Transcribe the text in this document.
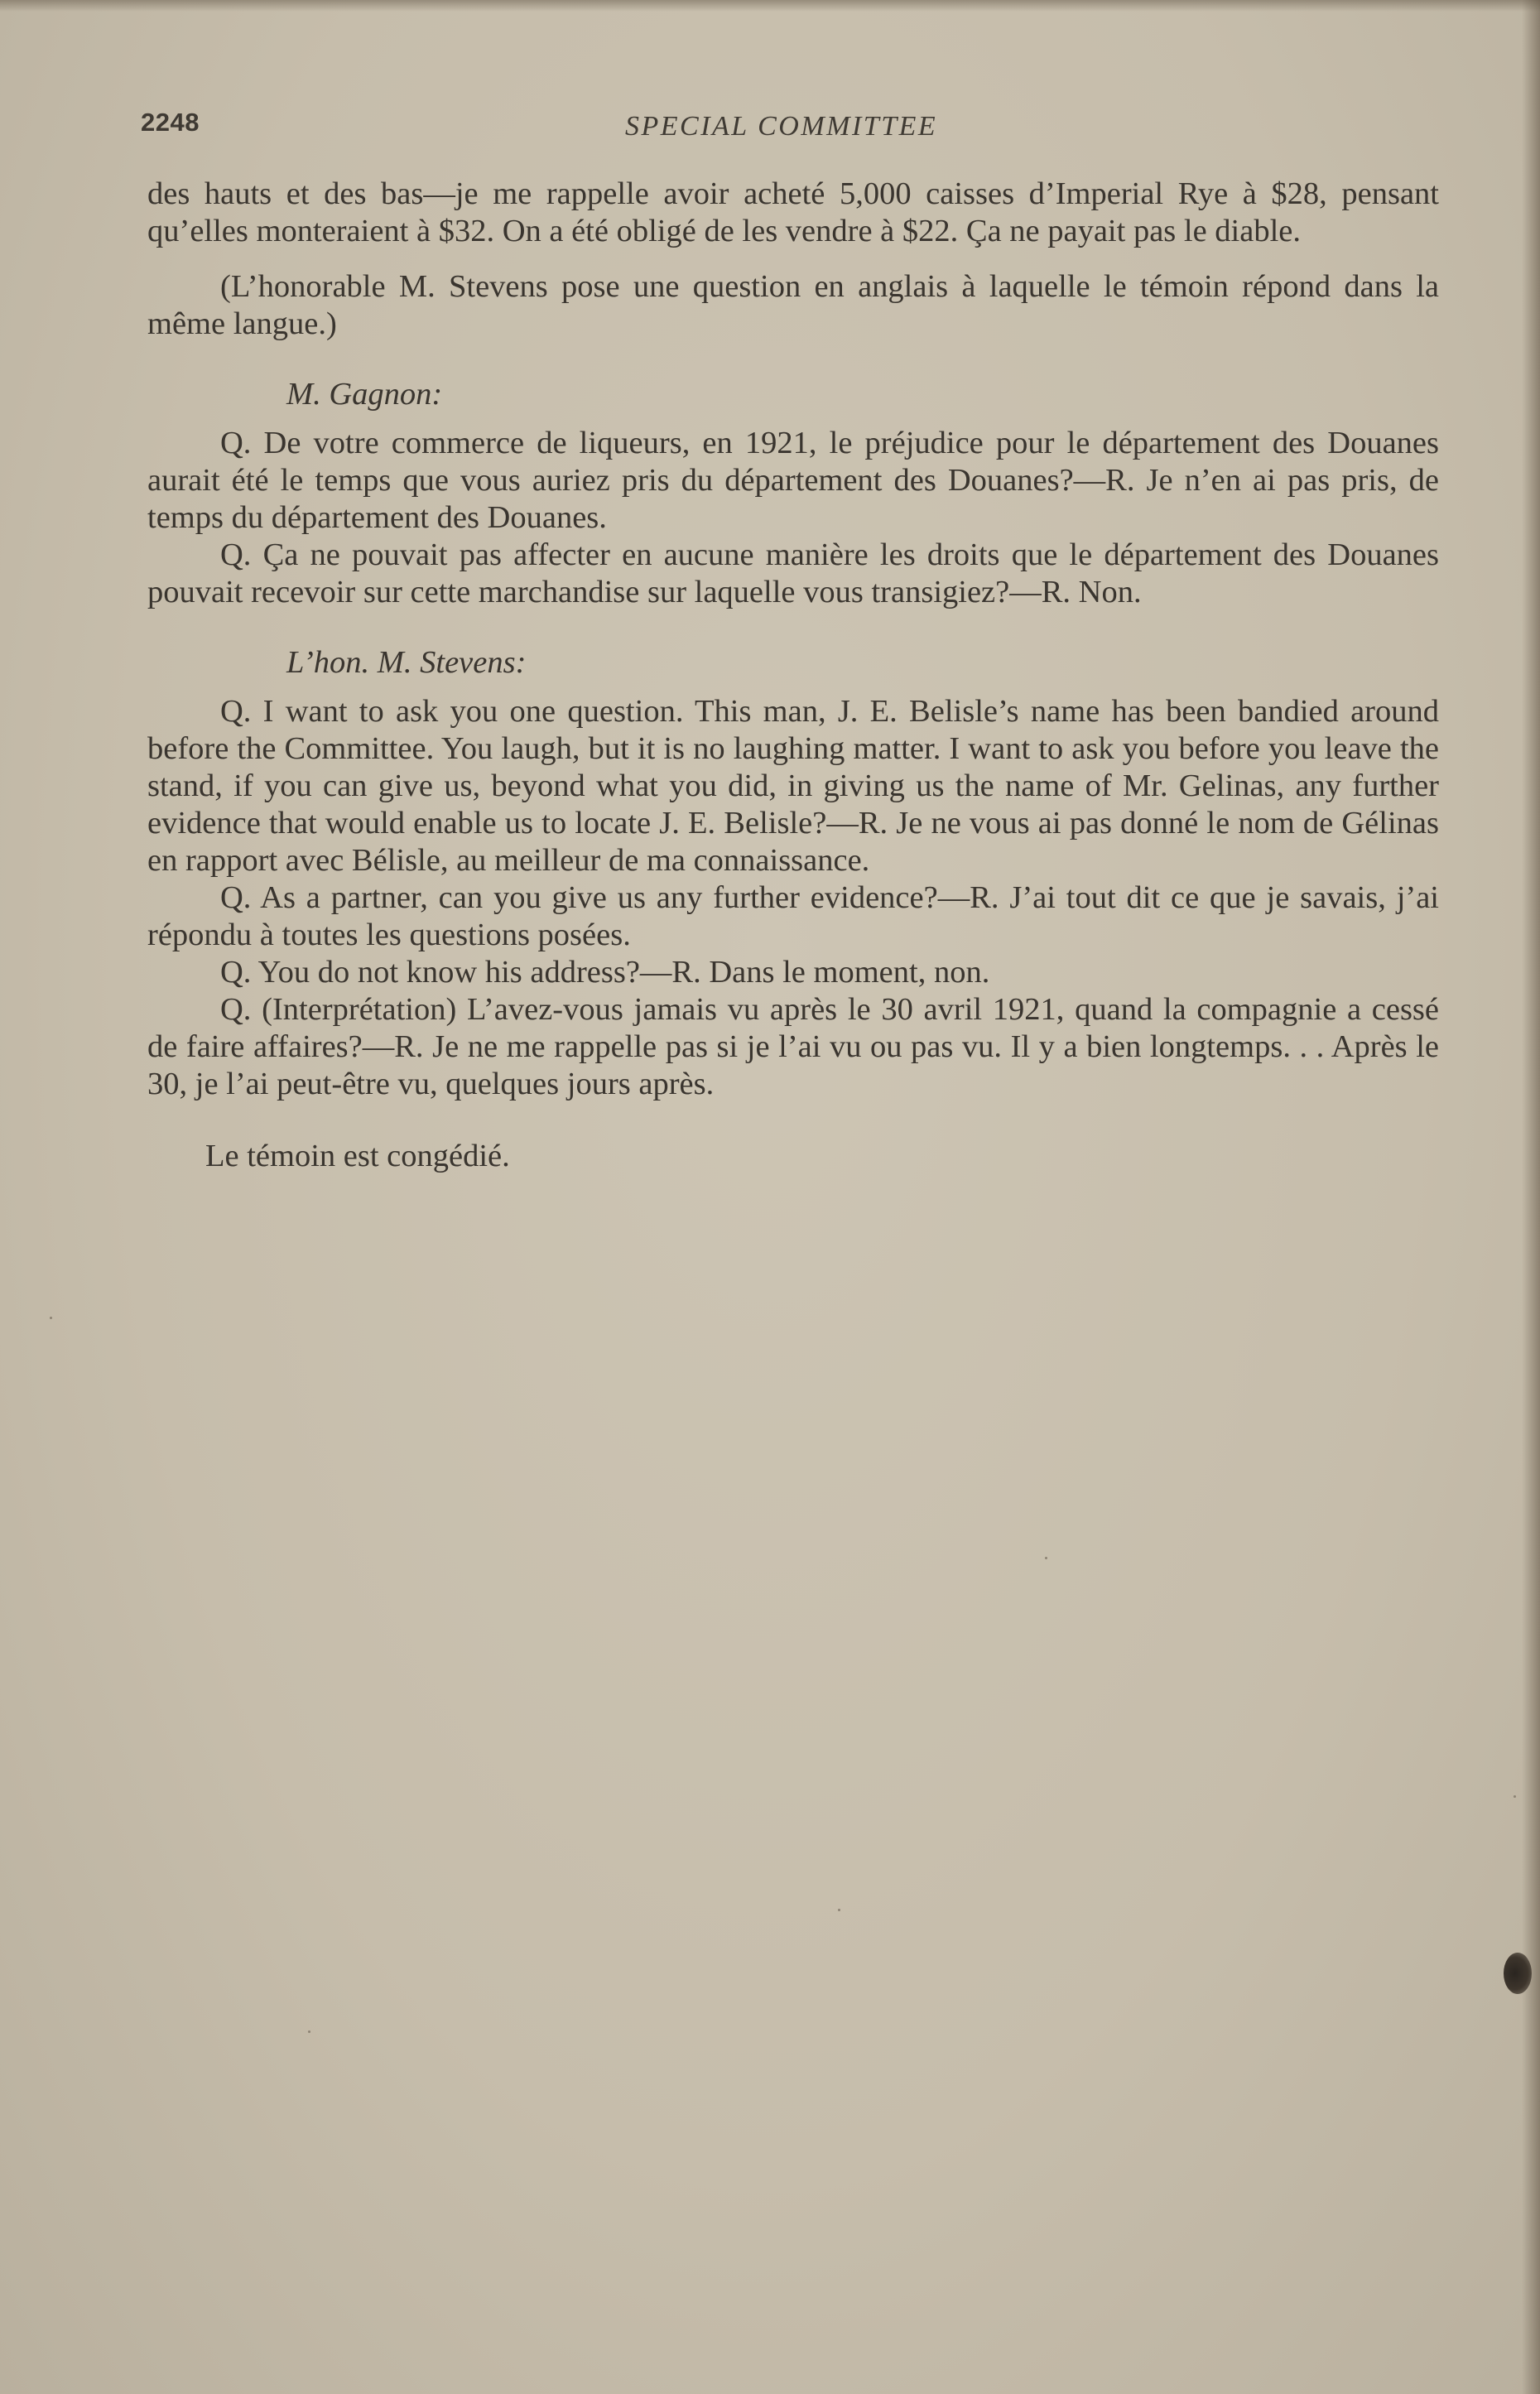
2248	SPECIAL COMMITTEE

des hauts et des bas—je me rappelle avoir acheté 5,000 caisses d’Imperial Rye à $28, pensant qu’elles monteraient à $32. On a été obligé de les vendre à $22. Ça ne payait pas le diable.

(L’honorable M. Stevens pose une question en anglais à laquelle le témoin répond dans la même langue.)

M. Gagnon:

Q. De votre commerce de liqueurs, en 1921, le préjudice pour le département des Douanes aurait été le temps que vous auriez pris du département des Douanes?—R. Je n’en ai pas pris, de temps du département des Douanes.

Q. Ça ne pouvait pas affecter en aucune manière les droits que le département des Douanes pouvait recevoir sur cette marchandise sur laquelle vous transigiez?—R. Non.

L’hon. M. Stevens:

Q. I want to ask you one question. This man, J. E. Belisle’s name has been bandied around before the Committee. You laugh, but it is no laughing matter. I want to ask you before you leave the stand, if you can give us, beyond what you did, in giving us the name of Mr. Gelinas, any further evidence that would enable us to locate J. E. Belisle?—R. Je ne vous ai pas donné le nom de Gélinas en rapport avec Bélisle, au meilleur de ma connaissance.

Q. As a partner, can you give us any further evidence?—R. J’ai tout dit ce que je savais, j’ai répondu à toutes les questions posées.

Q. You do not know his address?—R. Dans le moment, non.

Q. (Interprétation) L’avez-vous jamais vu après le 30 avril 1921, quand la compagnie a cessé de faire affaires?—R. Je ne me rappelle pas si je l’ai vu ou pas vu. Il y a bien longtemps. . . Après le 30, je l’ai peut-être vu, quelques jours après.

Le témoin est congédié.
